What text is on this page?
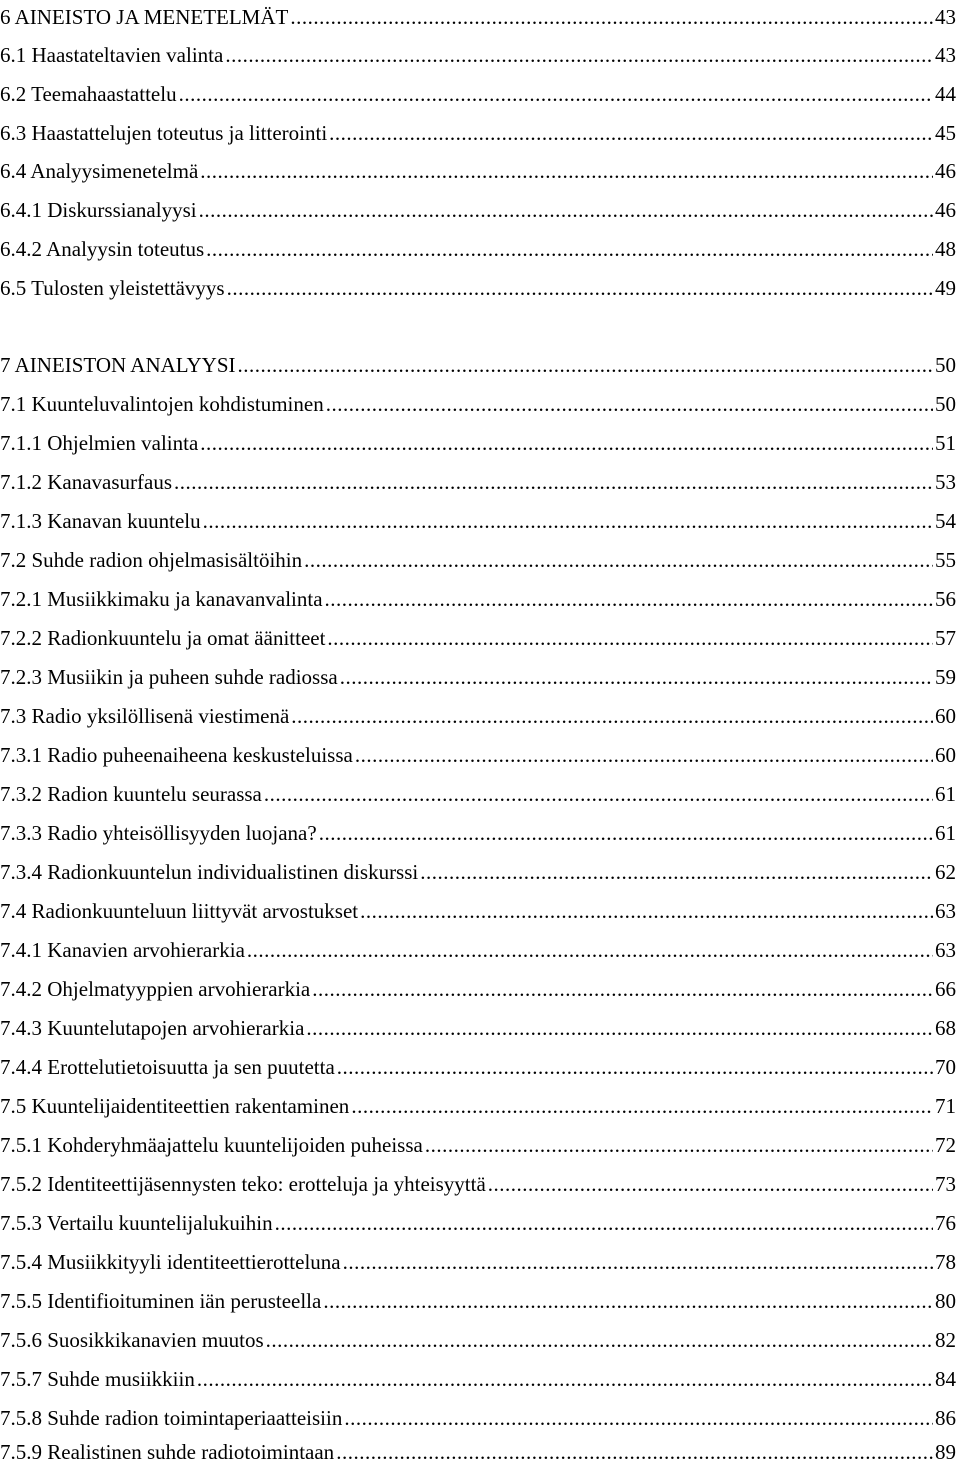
6 AINEISTO JA MENETELMÄT .....	43
6.1 Haastateltavien valinta .....	43
6.2 Teemahaastattelu .....	44
6.3 Haastattelujen toteutus ja litterointi .....	45
6.4 Analyysimenetelmä .....	46
6.4.1 Diskurssianalyysi .....	46
6.4.2 Analyysin toteutus .....	48
6.5 Tulosten yleistettävyys .....	49
7 AINEISTON ANALYYSI .....	50
7.1 Kuunteluvalintojen kohdistuminen .....	50
7.1.1 Ohjelmien valinta .....	51
7.1.2 Kanavasurfaus .....	53
7.1.3 Kanavan kuuntelu .....	54
7.2 Suhde radion ohjelmasisältöihin .....	55
7.2.1 Musiikkimaku ja kanavanvalinta .....	56
7.2.2 Radionkuuntelu ja omat äänitteet .....	57
7.2.3 Musiikin ja puheen suhde radiossa .....	59
7.3 Radio yksilöllisenä viestimenä .....	60
7.3.1 Radio puheenaiheena keskusteluissa .....	60
7.3.2 Radion kuuntelu seurassa .....	61
7.3.3 Radio yhteisöllisyyden luojana? .....	61
7.3.4 Radionkuuntelun individualistinen diskurssi .....	62
7.4 Radionkuunteluun liittyvät arvostukset .....	63
7.4.1 Kanavien arvohierarkia .....	63
7.4.2 Ohjelmatyyppien arvohierarkia .....	66
7.4.3 Kuuntelutapojen arvohierarkia .....	68
7.4.4 Erottelutietoisuutta ja sen puutetta .....	70
7.5 Kuuntelijaidentiteettien rakentaminen .....	71
7.5.1 Kohderyhmäajattelu kuuntelijoiden puheissa .....	72
7.5.2 Identiteettijäsennysten teko: erotteluja ja yhteisyyttä .....	73
7.5.3 Vertailu kuuntelijalukuihin .....	76
7.5.4 Musiikkityyli identiteettierotteluna .....	78
7.5.5 Identifioituminen iän perusteella .....	80
7.5.6 Suosikkikanavien muutos .....	82
7.5.7 Suhde musiikkiin .....	84
7.5.8 Suhde radion toimintaperiaatteisiin .....	86
7.5.9 Realistinen suhde radiotoimintaan .....	89
